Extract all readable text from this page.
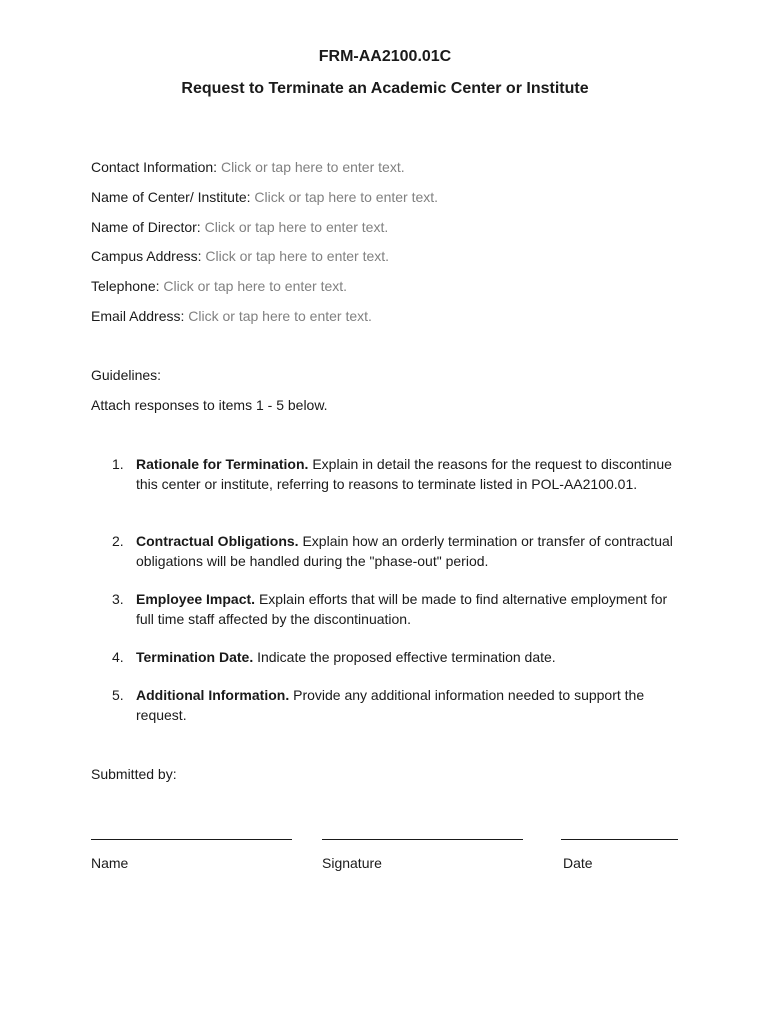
FRM-AA2100.01C
Request to Terminate an Academic Center or Institute
Contact Information: Click or tap here to enter text.
Name of Center/ Institute: Click or tap here to enter text.
Name of Director: Click or tap here to enter text.
Campus Address: Click or tap here to enter text.
Telephone: Click or tap here to enter text.
Email Address: Click or tap here to enter text.
Guidelines:
Attach responses to items 1 - 5 below.
1. Rationale for Termination. Explain in detail the reasons for the request to discontinue this center or institute, referring to reasons to terminate listed in POL-AA2100.01.
2. Contractual Obligations. Explain how an orderly termination or transfer of contractual obligations will be handled during the "phase-out" period.
3. Employee Impact. Explain efforts that will be made to find alternative employment for full time staff affected by the discontinuation.
4. Termination Date. Indicate the proposed effective termination date.
5. Additional Information. Provide any additional information needed to support the request.
Submitted by:
Name	Signature	Date
